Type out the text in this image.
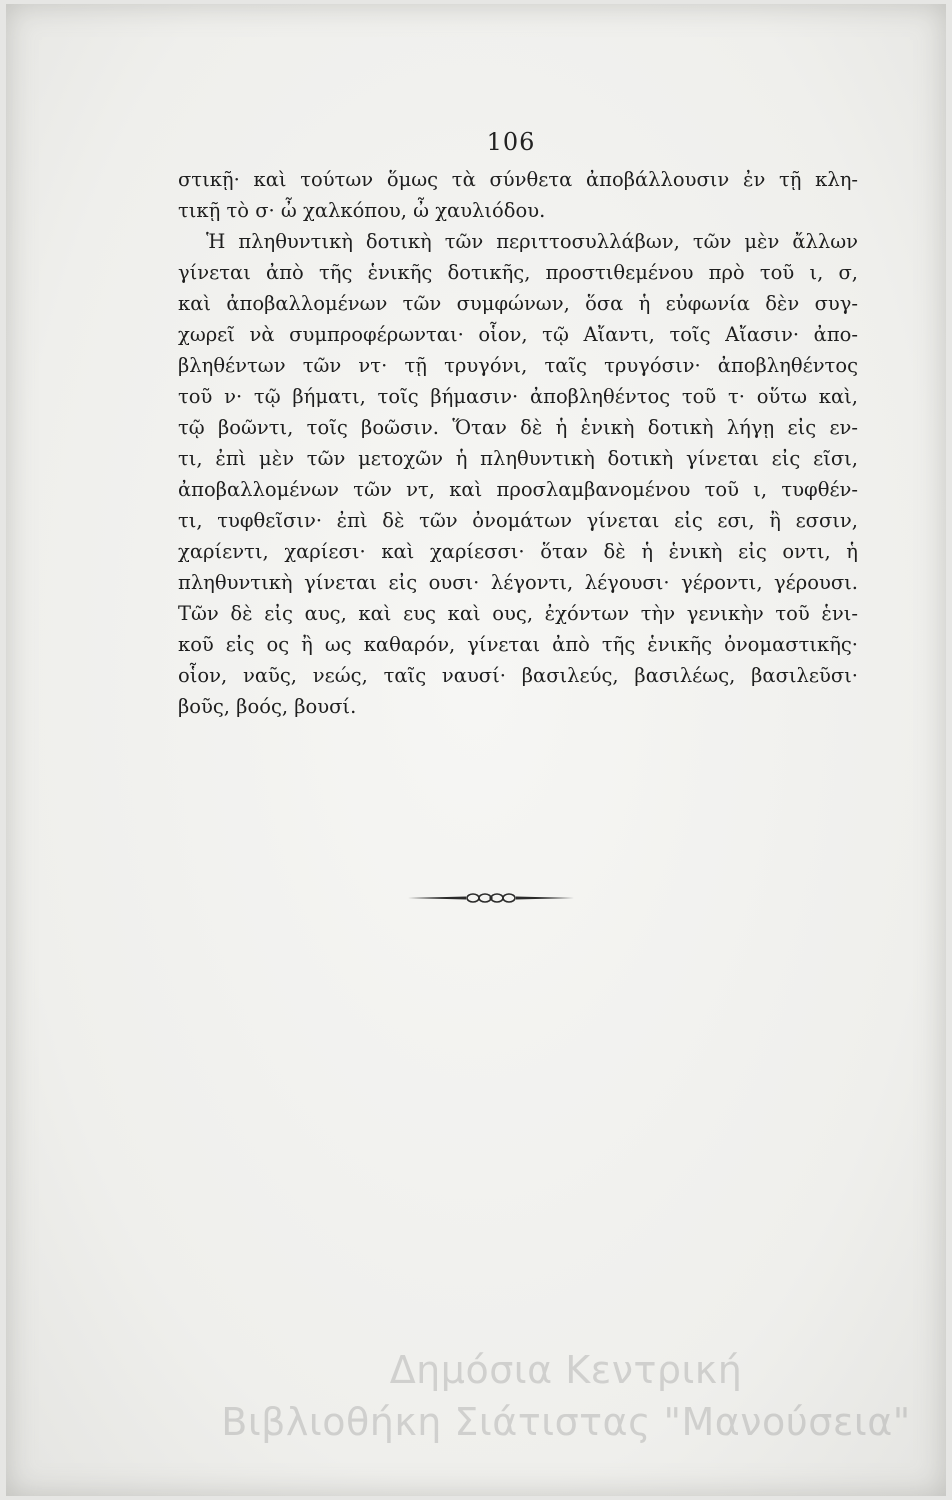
106
στικῇ· καὶ τούτων ὅμως τὰ σύνθετα ἀποβάλλουσιν ἐν τῇ κλη-
τικῇ τὸ σ· ὦ χαλκόπου, ὦ χαυλιόδου.
Ἡ πληθυντικὴ δοτικὴ τῶν περιττοσυλλάβων, τῶν μὲν ἄλλων
γίνεται ἀπὸ τῆς ἑνικῆς δοτικῆς, προστιθεμένου πρὸ τοῦ ι, σ,
καὶ ἀποβαλλομένων τῶν συμφώνων, ὅσα ἡ εὐφωνία δὲν συγ-
χωρεῖ νὰ συμπροφέρωνται· οἷον, τῷ Αἴαντι, τοῖς Αἴασιν· ἀπο-
βληθέντων τῶν ντ· τῇ τρυγόνι, ταῖς τρυγόσιν· ἀποβληθέντος
τοῦ ν· τῷ βήματι, τοῖς βήμασιν· ἀποβληθέντος τοῦ τ· οὕτω καὶ,
τῷ βοῶντι, τοῖς βοῶσιν. Ὅταν δὲ ἡ ἑνικὴ δοτικὴ λήγῃ εἰς εν-
τι, ἐπὶ μὲν τῶν μετοχῶν ἡ πληθυντικὴ δοτικὴ γίνεται εἰς εῖσι,
ἀποβαλλομένων τῶν ντ, καὶ προσλαμβανομένου τοῦ ι, τυφθέν-
τι, τυφθεῖσιν· ἐπὶ δὲ τῶν ὀνομάτων γίνεται εἰς εσι, ἢ εσσιν,
χαρίεντι, χαρίεσι· καὶ χαρίεσσι· ὅταν δὲ ἡ ἑνικὴ εἰς οντι, ἡ
πληθυντικὴ γίνεται εἰς ουσι· λέγοντι, λέγουσι· γέροντι, γέρουσι.
Τῶν δὲ εἰς αυς, καὶ ευς καὶ ους, ἐχόντων τὴν γενικὴν τοῦ ἑνι-
κοῦ εἰς ος ἢ ως καθαρόν, γίνεται ἀπὸ τῆς ἑνικῆς ὀνομαστικῆς·
οἷον, ναῦς, νεώς, ταῖς ναυσί· βασιλεύς, βασιλέως, βασιλεῦσι·
βοῦς, βοός, βουσί.
Δημόσια Κεντρική
Βιβλιοθήκη Σιάτιστας "Μανούσεια"
